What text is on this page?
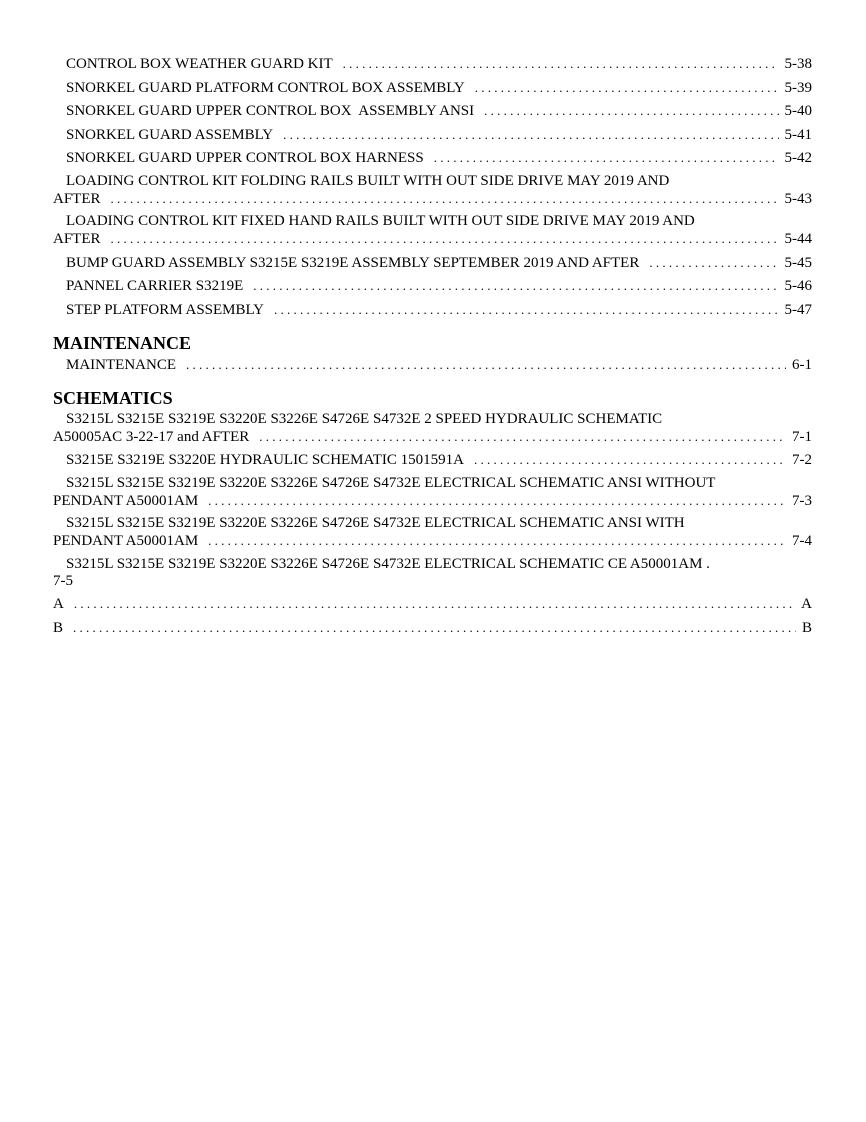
CONTROL BOX WEATHER GUARD KIT . . .	5-38
SNORKEL GUARD PLATFORM CONTROL BOX ASSEMBLY . . .	5-39
SNORKEL GUARD UPPER CONTROL BOX  ASSEMBLY ANSI . . .	5-40
SNORKEL GUARD ASSEMBLY . . .	5-41
SNORKEL GUARD UPPER CONTROL BOX HARNESS . . .	5-42
LOADING CONTROL KIT FOLDING RAILS BUILT WITH OUT SIDE DRIVE MAY 2019 AND
AFTER . . .	5-43
LOADING CONTROL KIT FIXED HAND RAILS BUILT WITH OUT SIDE DRIVE MAY 2019 AND
AFTER . . .	5-44
BUMP GUARD ASSEMBLY S3215E S3219E ASSEMBLY SEPTEMBER 2019 AND AFTER . . .	5-45
PANNEL CARRIER S3219E . . .	5-46
STEP PLATFORM ASSEMBLY . . .	5-47
MAINTENANCE
MAINTENANCE . . .	6-1
SCHEMATICS
S3215L S3215E S3219E S3220E S3226E S4726E S4732E 2 SPEED HYDRAULIC SCHEMATIC
A50005AC 3-22-17 and AFTER . . .	7-1
S3215E S3219E S3220E HYDRAULIC SCHEMATIC 1501591A . . .	7-2
S3215L S3215E S3219E S3220E S3226E S4726E S4732E ELECTRICAL SCHEMATIC ANSI WITHOUT
PENDANT A50001AM . . .	7-3
S3215L S3215E S3219E S3220E S3226E S4726E S4732E ELECTRICAL SCHEMATIC ANSI WITH
PENDANT A50001AM . . .	7-4
S3215L S3215E S3219E S3220E S3226E S4726E S4732E ELECTRICAL SCHEMATIC CE A50001AM .
7-5
A . . .	A
B . . .	B
